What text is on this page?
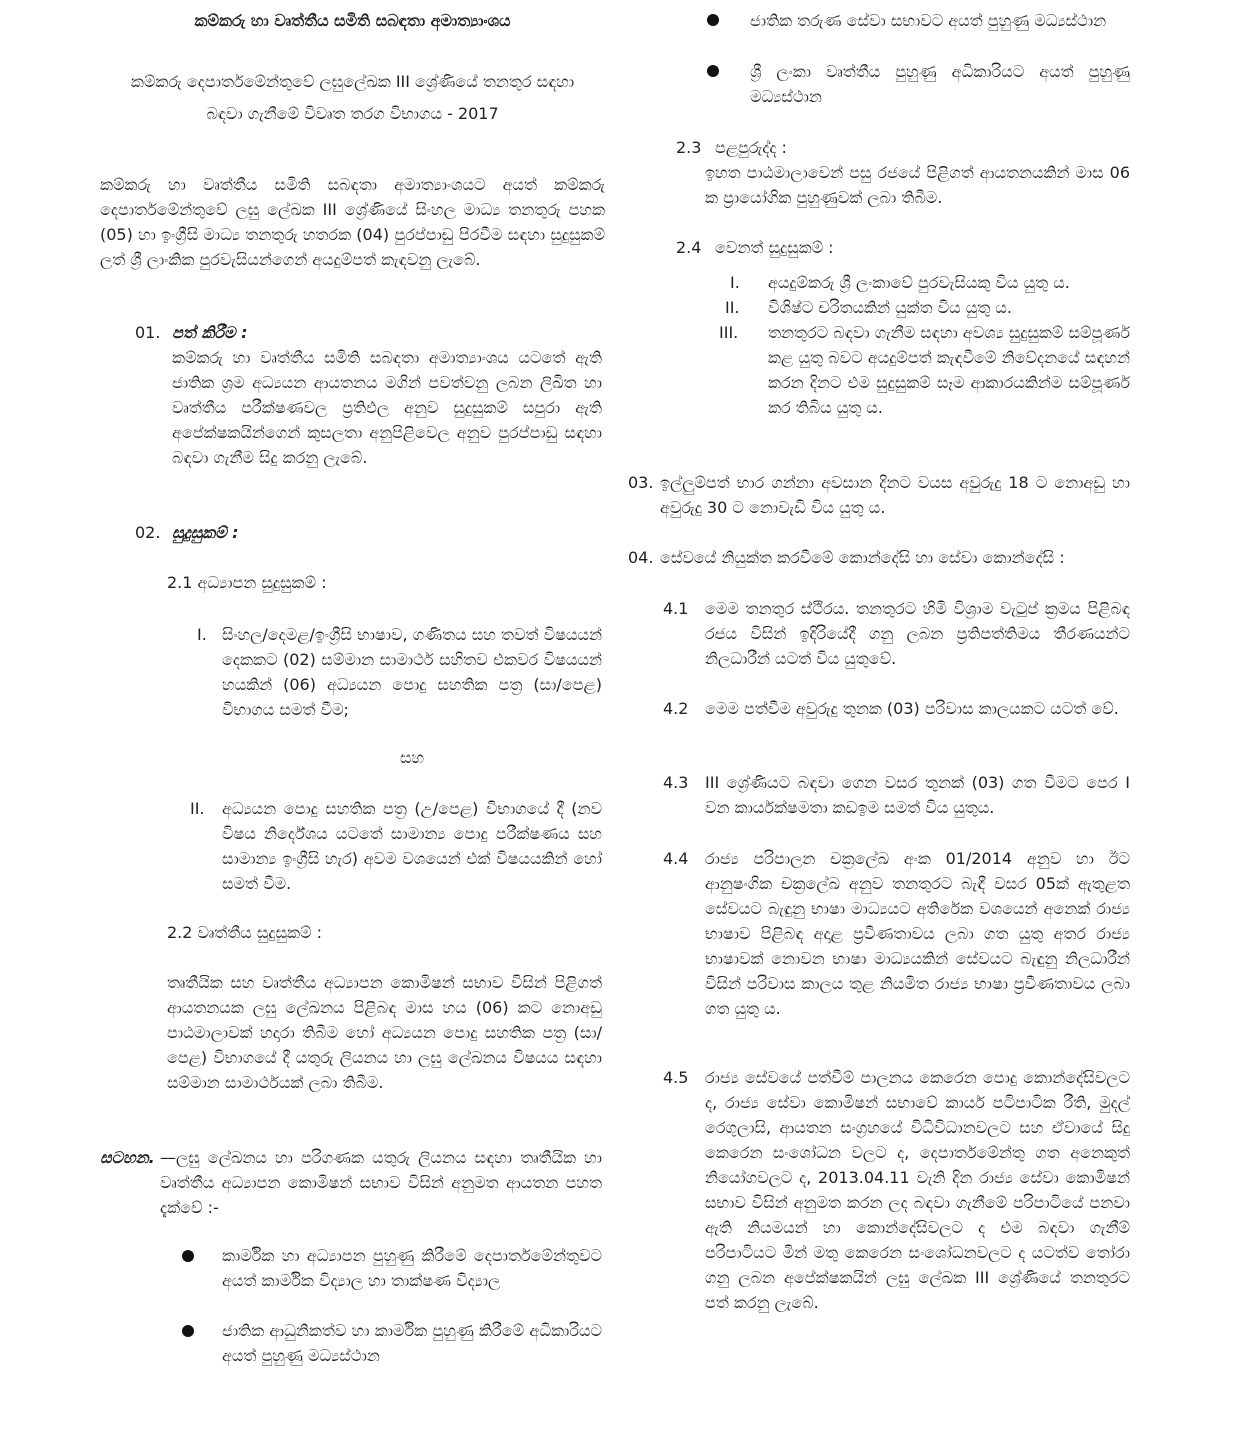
කම්කරු හා වෘත්තීය සමිති සබඳතා අමාත්‍යාංශය

කම්කරු දෙපාර්තමේන්තුවේ ලඝුලේඛක III ශ්‍රේණියේ තනතුර සඳහා බඳවා ගැනීමේ විවෘත තරග විභාගය - 2017

කම්කරු හා වෘත්තීය සමිති සබඳතා අමාත්‍යාංශයට අයත් කම්කරු දෙපාර්තමේන්තුවේ ලඝු ලේඛක III ශ්‍රේණියේ සිංහල මාධ්‍ය තනතුරු පහක (05) හා ඉංග්‍රීසි මාධ්‍ය තනතුරු හතරක (04) පුරප්පාඩු පිරවීම සඳහා සුදුසුකම් ලත් ශ්‍රී ලාංකික පුරවැසියන්ගෙන් අයදුම්පත් කැඳවනු ලැබේ.

01. පත් කිරීම :

කම්කරු හා වෘත්තීය සමිති සබඳතා අමාත්‍යාංශය යටතේ ඇති ජාතික ශ්‍රම අධ්‍යයන ආයතනය මගින් පවත්වනු ලබන ලිඛිත හා වෘත්තීය පරීක්ෂණවල ප්‍රතිඵල අනුව සුදුසුකම් සපුරා ඇති අපේක්ෂකයින්ගෙන් කුසලතා අනුපිළිවෙල අනුව පුරප්පාඩු සඳහා බඳවා ගැනීම සිදු කරනු ලැබේ.

02. සුදුසුකම් :
2.1 අධ්‍යාපන සුදුසුකම් :
I. සිංහල/දෙමළ/ඉංග්‍රීසි භාෂාව, ගණිතය සහ තවත් විෂයයන් දෙකකට (02) සම්මාන සාමාර්ථ සහිතව එකවර විෂයයන් හයකින් (06) අධ්‍යයන පොදු සහතික පත්‍ර (සා/පෙළ) විභාගය සමත් වීම;

සහ
II. අධ්‍යයන පොදු සහතික පත්‍ර (උ/පෙළ) විභාගයේ දී (නව විෂය නිර්දේශය යටතේ සාමාන්‍ය පොදු පරීක්ෂණය සහ සාමාන්‍ය ඉංග්‍රීසි හැර) අවම වශයෙන් එක් විෂයයකින් හෝ සමත් වීම.

2.2 වෘත්තීය සුදුසුකම් :

තෘතීයික සහ වෘත්තීය අධ්‍යාපන කොමිෂන් සභාව විසින් පිළිගත් ආයතනයක ලඝු ලේඛනය පිළිබඳ මාස හය (06) කට නොඅඩු පාඨමාලාවක් හදාරා තිබීම හෝ අධ්‍යයන පොදු සහතික පත්‍ර (සා/පෙළ) විභාගයේ දී යතුරු ලියනය හා ලඝු ලේඛනය විෂයය සඳහා සම්මාන සාමාර්ථයක් ලබා තිබීම.

සටහන. —ලඝු ලේඛනය හා පරිගණක යතුරු ලියනය සඳහා තෘතීයික හා වෘත්තීය අධ්‍යාපන කොමිෂන් සභාව විසින් අනුමත ආයතන පහත දැක්වේ :-

කාර්මික හා අධ්‍යාපන පුහුණු කිරීමේ දෙපාර්තමේන්තුවට අයත් කාර්මික විද්‍යාල හා තාක්ෂණ විද්‍යාල

ජාතික ආධුනිකත්ව හා කාර්මික පුහුණු කිරීමේ අධිකාරියට අයත් පුහුණු මධ්‍යස්ථාන

ජාතික තරුණ සේවා සභාවට අයත් පුහුණු මධ්‍යස්ථාන

ශ්‍රී ලංකා වෘත්තීය පුහුණු අධිකාරියට අයත් පුහුණු මධ්‍යස්ථාන

2.3 පළපුරුද්ද :

ඉහත පාඨමාලාවෙන් පසු රජයේ පිළිගත් ආයතනයකින් මාස 06 ක ප්‍රායෝගික පුහුණුවක් ලබා තිබීම.

2.4 වෙනත් සුදුසුකම් :
I. අයදුම්කරු ශ්‍රී ලංකාවේ පුරවැසියකු විය යුතු ය.

II. විශිෂ්ට චරිතයකින් යුක්ත විය යුතු ය.

III. තනතුරට බඳවා ගැනීම සඳහා අවශ්‍ය සුදුසුකම් සම්පූර්ණ කළ යුතු බවට අයදුම්පත් කැඳවීමේ නිවේදනයේ සඳහන් කරන දිනට එම සුදුසුකම් සෑම ආකාරයකින්ම සම්පූර්ණ කර තිබිය යුතු ය.

03. ඉල්ලුම්පත් භාර ගන්නා අවසාන දිනට වයස අවුරුදු 18 ට නොඅඩු හා අවුරුදු 30 ට නොවැඩි විය යුතු ය.

04. සේවයේ නියුක්ත කරවීමේ කොන්දේසි හා සේවා කොන්දේසි :
4.1 මෙම තනතුර ස්ථිරය. තනතුරට හිමි විශ්‍රාම වැටුප් ක්‍රමය පිළිබඳ රජය විසින් ඉදිරියේදී ගනු ලබන ප්‍රතිපත්තිමය තීරණයන්ට නිලධාරීන් යටත් විය යුතුවේ.

4.2 මෙම පත්වීම අවුරුදු තුනක (03) පරිවාස කාලයකට යටත් වේ.

4.3 III ශ්‍රේණියට බඳවා ගෙන වසර තුනක් (03) ගත වීමට පෙර I වන කාර්යක්ෂමතා කඩඉම සමත් විය යුතුය.

4.4 රාජ්‍ය පරිපාලන චක්‍රලේඛ අංක 01/2014 අනුව හා ඊට ආනුෂංගික චක්‍රලේඛ අනුව තනතුරට බැඳී වසර 05ක් ඇතුළත සේවයට බැඳුනු භාෂා මාධ්‍යයට අතිරේක වශයෙන් අනෙක් රාජ්‍ය භාෂාව පිළිබඳ අදාළ ප්‍රවීණතාවය ලබා ගත යුතු අතර රාජ්‍ය භාෂාවක් නොවන භාෂා මාධ්‍යයකින් සේවයට බැඳුනු නිලධාරීන් විසින් පරිවාස කාලය තුළ නියමිත රාජ්‍ය භාෂා ප්‍රවීණතාවය ලබා ගත යුතු ය.

4.5 රාජ්‍ය සේවයේ පත්වීම් පාලනය කෙරෙන පොදු කොන්දේසිවලට ද, රාජ්‍ය සේවා කොමිෂන් සභාවේ කාර්ය පටිපාටික රීති, මුදල් රෙගුලාසි, ආයතන සංග්‍රහයේ විධිවිධානවලට සහ ඒවායේ සිදු කෙරෙන සංශෝධන වලට ද, දෙපාර්තමේන්තු ගත අනෙකුත් නියෝගවලට ද, 2013.04.11 වැනි දින රාජ්‍ය සේවා කොමිෂන් සභාව විසින් අනුමත කරන ලද බඳවා ගැනීමේ පරිපාටියේ පනවා ඇති නියමයන් හා කොන්දේසිවලට ද එම බඳවා ගැනීම් පරිපාටියට මින් මතු කෙරෙන සංශෝධනවලට ද යටත්ව තෝරා ගනු ලබන අපේක්ෂකයින් ලඝු ලේඛක III ශ්‍රේණියේ තනතුරට පත් කරනු ලැබේ.
